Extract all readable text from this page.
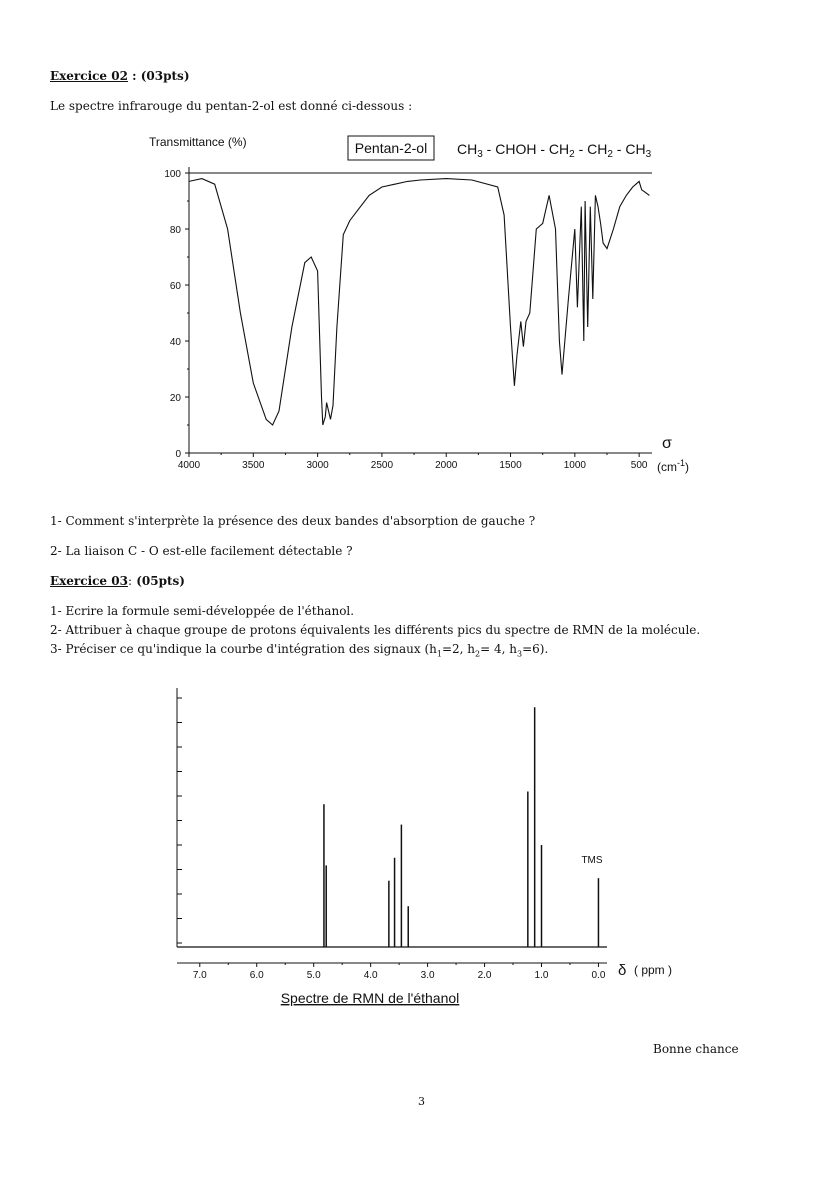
Exercice 02 : (03pts)
Le spectre infrarouge du pentan-2-ol est donné ci-dessous :
Transmittance (%)	Pentan-2-ol $CH_3$ - CHOH - $CH_2 - CH_2 - CH_3$
0
20
40
60
80
100
4000	3500	3000	2500	2000	1500	1000	500
σ
$(cm^{-1})$
1- Comment s'interprète la présence des deux bandes d'absorption de gauche ?
2- La liaison C - O est-elle facilement détectable ?
Exercice 03: (05pts)
1- Ecrire la formule semi-développée de l'éthanol.
2- Attribuer à chaque groupe de protons équivalents les différents pics du spectre de RMN de la molécule.
3- Préciser ce qu'indique la courbe d'intégration des signaux ($h_1=2$, $h_2= 4$, $h_3=6$).
7.0	6.0	5.0	4.0	3.0	2.0	1.0	0.0
TMS
δ ( ppm )
Spectre de RMN de l'éthanol
Bonne chance
3
